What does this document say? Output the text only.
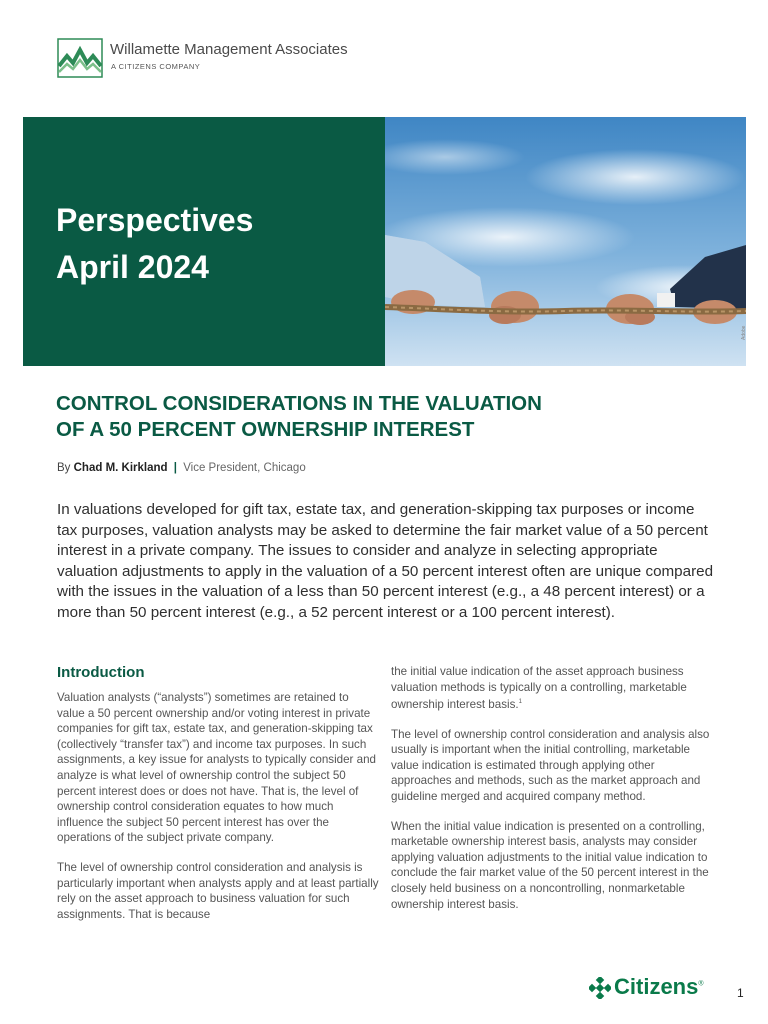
Willamette Management Associates
A CITIZENS COMPANY
Perspectives
April 2024
Adobe
CONTROL CONSIDERATIONS IN THE VALUATION
OF A 50 PERCENT OWNERSHIP INTEREST
By Chad M. Kirkland | Vice President, Chicago
In valuations developed for gift tax, estate tax, and generation-skipping tax purposes or income tax purposes, valuation analysts may be asked to determine the fair market value of a 50 percent interest in a private company. The issues to consider and analyze in selecting appropriate valuation adjustments to apply in the valuation of a 50 percent interest often are unique compared with the issues in the valuation of a less than 50 percent interest (e.g., a 48 percent interest) or a more than 50 percent interest (e.g., a 52 percent interest or a 100 percent interest).
Introduction

Valuation analysts (“analysts”) sometimes are retained to value a 50 percent ownership and/or voting interest in private companies for gift tax, estate tax, and generation-skipping tax (collectively “transfer tax”) and income tax purposes. In such assignments, a key issue for analysts to typically consider and analyze is what level of ownership control the subject 50 percent interest does or does not have. That is, the level of ownership control consideration equates to how much influence the subject 50 percent interest has over the operations of the subject private company.

The level of ownership control consideration and analysis is particularly important when analysts apply and at least partially rely on the asset approach to business valuation for such assignments. That is because

the initial value indication of the asset approach business valuation methods is typically on a controlling, marketable ownership interest basis.$^1$

The level of ownership control consideration and analysis also usually is important when the initial controlling, marketable value indication is estimated through applying other approaches and methods, such as the market approach and guideline merged and acquired company method.

When the initial value indication is presented on a controlling, marketable ownership interest basis, analysts may consider applying valuation adjustments to the initial value indication to conclude the fair market value of the 50 percent interest in the closely held business on a noncontrolling, nonmarketable ownership interest basis.

Citizens®
1
